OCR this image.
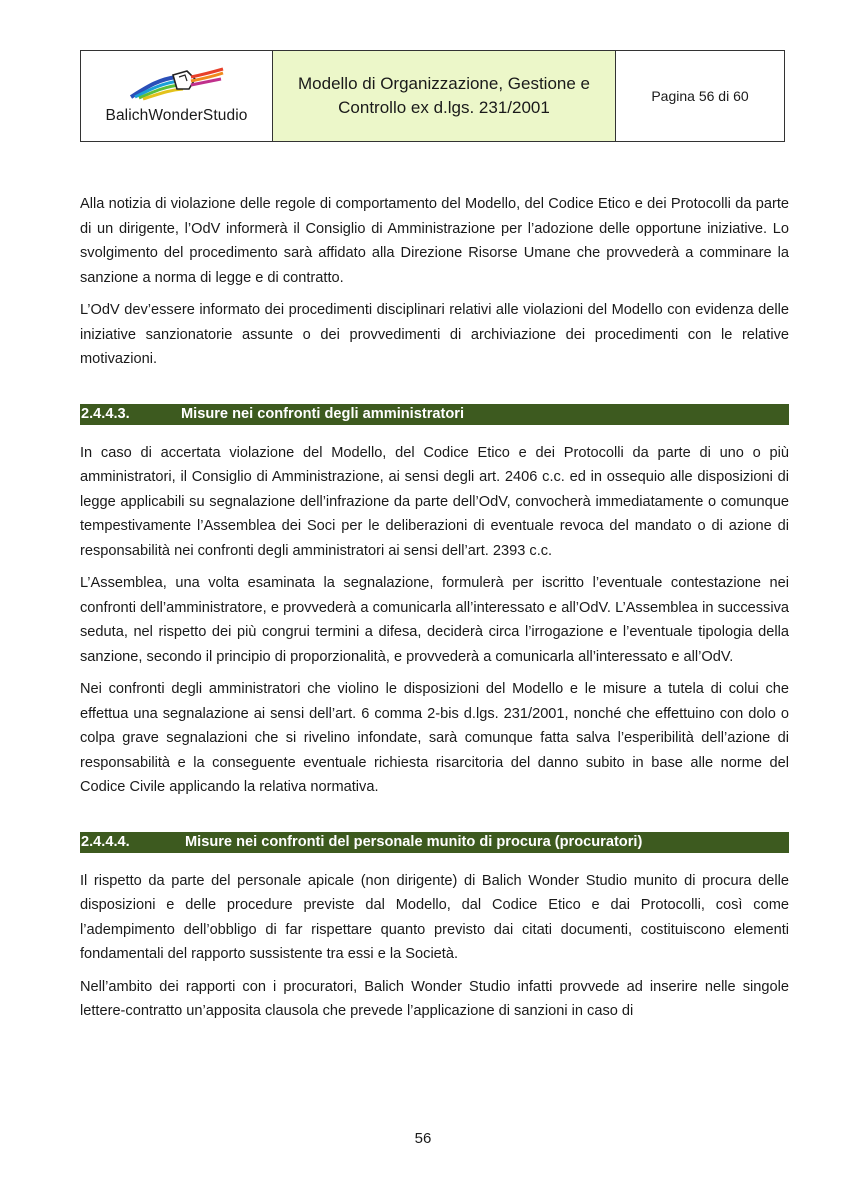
BalichWonderStudio

Modello di Organizzazione, Gestione e
Controllo ex d.lgs. 231/2001
	Pagina 56 di 60

Alla notizia di violazione delle regole di comportamento del Modello, del Codice Etico e dei Protocolli da parte di un dirigente, l’OdV informerà il Consiglio di Amministrazione per l’adozione delle opportune iniziative. Lo svolgimento del procedimento sarà affidato alla Direzione Risorse Umane che provvederà a comminare la sanzione a norma di legge e di contratto.

L’OdV dev’essere informato dei procedimenti disciplinari relativi alle violazioni del Modello con evidenza delle iniziative sanzionatorie assunte o dei provvedimenti di archiviazione dei procedimenti con le relative motivazioni.

2.4.4.3.	Misure nei confronti degli amministratori

In caso di accertata violazione del Modello, del Codice Etico e dei Protocolli da parte di uno o più amministratori, il Consiglio di Amministrazione, ai sensi degli art. 2406 c.c. ed in ossequio alle disposizioni di legge applicabili su segnalazione dell’infrazione da parte dell’OdV, convocherà immediatamente o comunque tempestivamente l’Assemblea dei Soci per le deliberazioni di eventuale revoca del mandato o di azione di responsabilità nei confronti degli amministratori ai sensi dell’art. 2393 c.c.

L’Assemblea, una volta esaminata la segnalazione, formulerà per iscritto l’eventuale contestazione nei confronti dell’amministratore, e provvederà a comunicarla all’interessato e all’OdV. L’Assemblea in successiva seduta, nel rispetto dei più congrui termini a difesa, deciderà circa l’irrogazione e l’eventuale tipologia della sanzione, secondo il principio di proporzionalità, e provvederà a comunicarla all’interessato e all’OdV.

Nei confronti degli amministratori che violino le disposizioni del Modello e le misure a tutela di colui che effettua una segnalazione ai sensi dell’art. 6 comma 2-bis d.lgs. 231/2001, nonché che effettuino con dolo o colpa grave segnalazioni che si rivelino infondate, sarà comunque fatta salva l’esperibilità dell’azione di responsabilità e la conseguente eventuale richiesta risarcitoria del danno subito in base alle norme del Codice Civile applicando la relativa normativa.

2.4.4.4.	Misure nei confronti del personale munito di procura (procuratori)

Il rispetto da parte del personale apicale (non dirigente) di Balich Wonder Studio munito di procura delle disposizioni e delle procedure previste dal Modello, dal Codice Etico e dai Protocolli, così come l’adempimento dell’obbligo di far rispettare quanto previsto dai citati documenti, costituiscono elementi fondamentali del rapporto sussistente tra essi e la Società.

Nell’ambito dei rapporti con i procuratori, Balich Wonder Studio infatti provvede ad inserire nelle singole lettere-contratto un’apposita clausola che prevede l’applicazione di sanzioni in caso di

56
